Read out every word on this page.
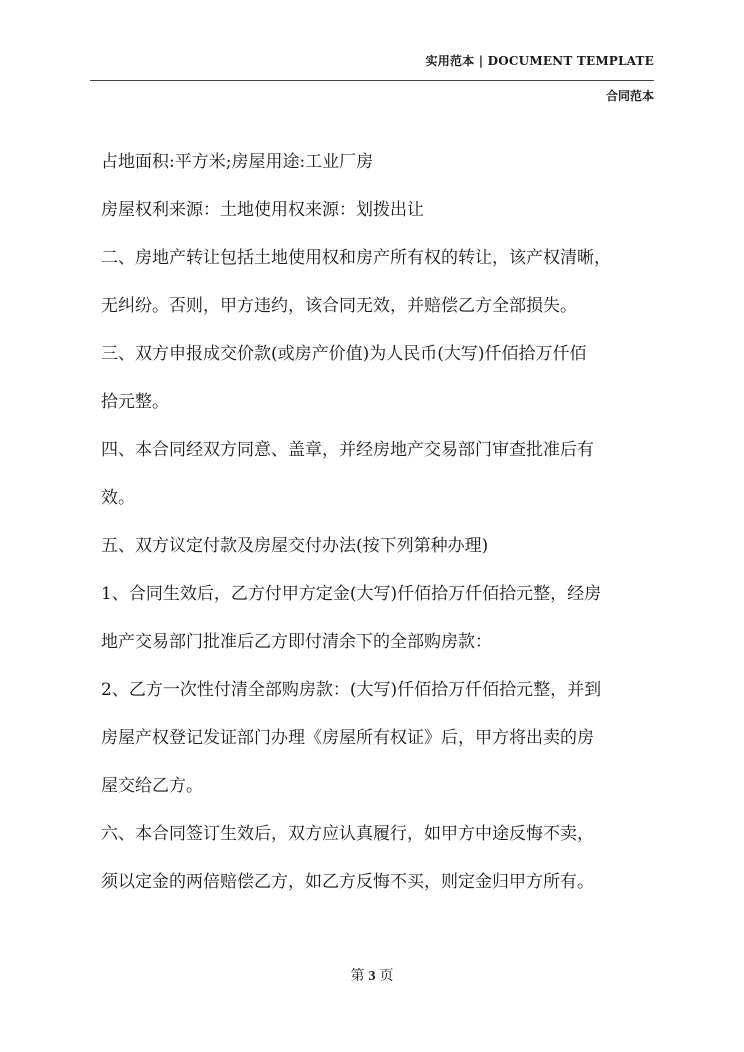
实用范本 | DOCUMENT TEMPLATE
合同范本

占地面积:平方米;房屋用途:工业厂房

房屋权利来源：土地使用权来源：划拨出让

二、房地产转让包括土地使用权和房产所有权的转让，该产权清晰，

无纠纷。否则，甲方违约，该合同无效，并赔偿乙方全部损失。

三、双方申报成交价款(或房产价值)为人民币(大写)仟佰拾万仟佰

拾元整。

四、本合同经双方同意、盖章，并经房地产交易部门审查批准后有

效。

五、双方议定付款及房屋交付办法(按下列第种办理)

1、合同生效后，乙方付甲方定金(大写)仟佰拾万仟佰拾元整，经房

地产交易部门批准后乙方即付清余下的全部购房款：

2、乙方一次性付清全部购房款：(大写)仟佰拾万仟佰拾元整，并到

房屋产权登记发证部门办理《房屋所有权证》后，甲方将出卖的房

屋交给乙方。

六、本合同签订生效后，双方应认真履行，如甲方中途反悔不卖，

须以定金的两倍赔偿乙方，如乙方反悔不买，则定金归甲方所有。

第 3 页
